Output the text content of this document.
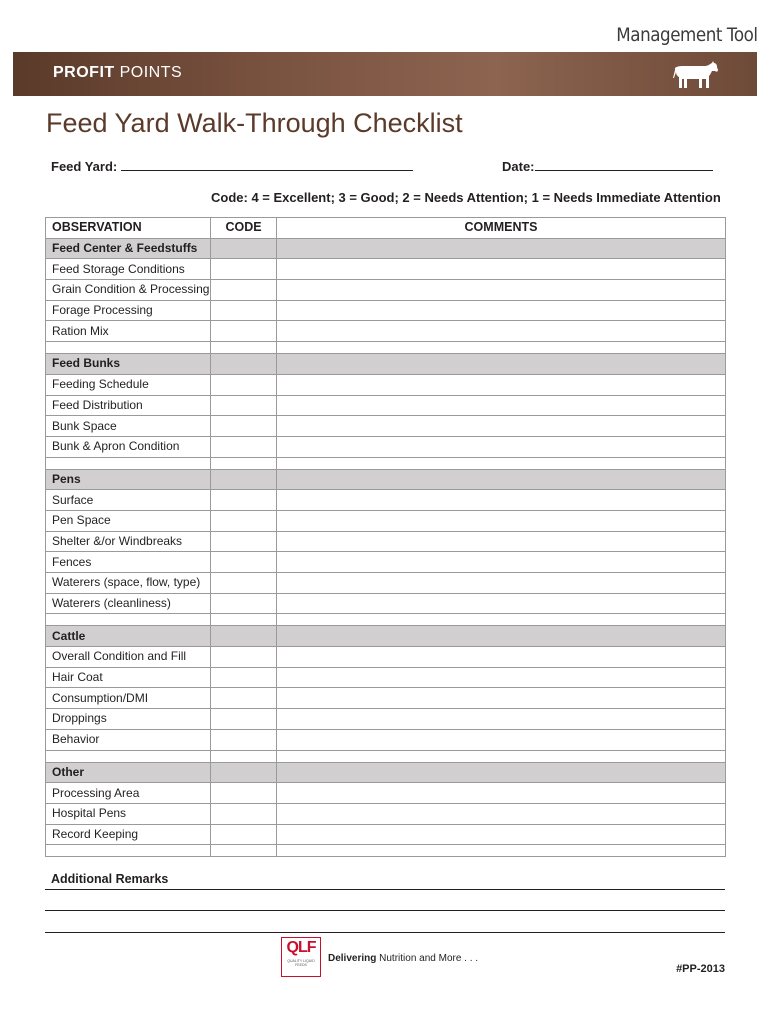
Management Tool
PROFIT POINTS
Feed Yard Walk-Through Checklist
Feed Yard:	Date:
Code: 4 = Excellent; 3 = Good; 2 = Needs Attention; 1 = Needs Immediate Attention
OBSERVATION	CODE	COMMENTS
Feed Center & Feedstuffs		
Feed Storage Conditions		
Grain Condition & Processing		
Forage Processing		
Ration Mix		

Feed Bunks		
Feeding Schedule		
Feed Distribution		
Bunk Space		
Bunk & Apron Condition		

Pens		
Surface		
Pen Space		
Shelter &/or Windbreaks		
Fences		
Waterers (space, flow, type)		
Waterers (cleanliness)		

Cattle		
Overall Condition and Fill		
Hair Coat		
Consumption/DMI		
Droppings		
Behavior		

Other		
Processing Area		
Hospital Pens		
Record Keeping		

Additional Remarks
QLF
QUALITY LIQUID FEEDS
Delivering Nutrition and More . . .
#PP-2013
